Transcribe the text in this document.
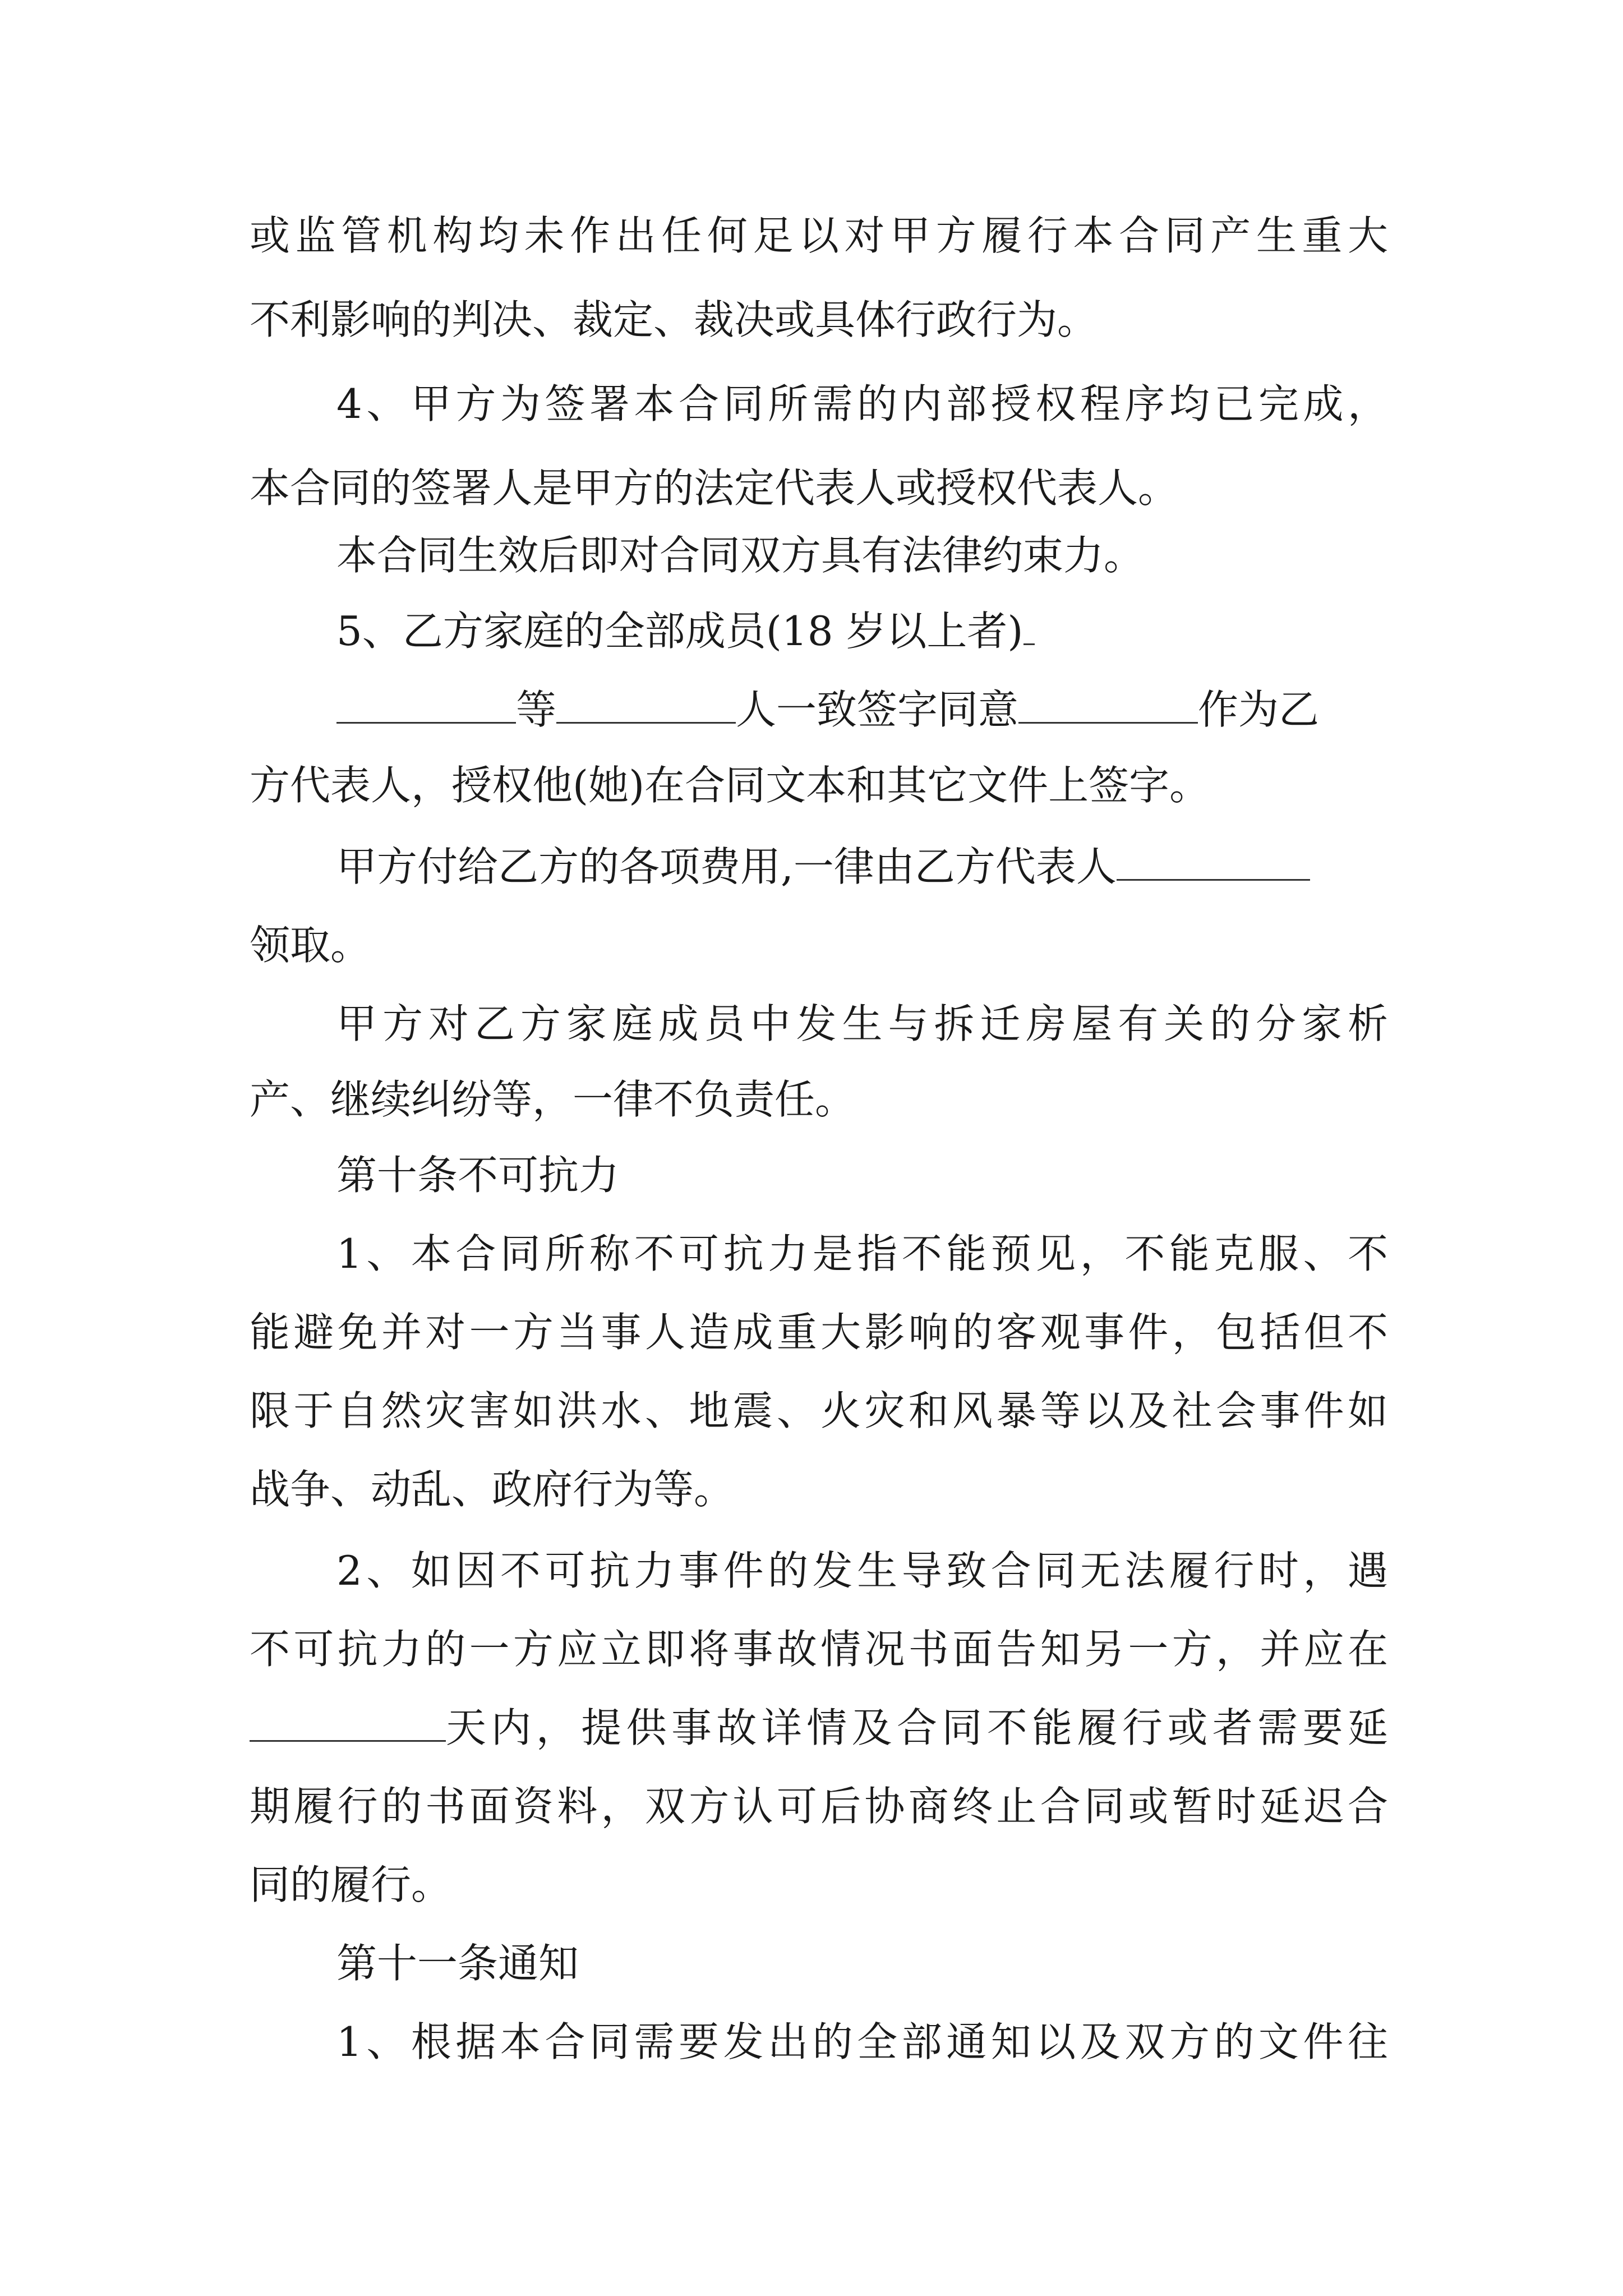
或监管机构均未作出任何足以对甲方履行本合同产生重大
不利影响的判决、裁定、裁决或具体行政行为。
4、甲方为签署本合同所需的内部授权程序均已完成，
本合同的签署人是甲方的法定代表人或授权代表人。
本合同生效后即对合同双方具有法律约束力。
5、乙方家庭的全部成员(18 岁以上者)
等	人一致签字同意	作为乙
方代表人，授权他(她)在合同文本和其它文件上签字。
甲方付给乙方的各项费用,一律由乙方代表人
领取。
甲方对乙方家庭成员中发生与拆迁房屋有关的分家析
产、继续纠纷等，一律不负责任。
第十条不可抗力
1、本合同所称不可抗力是指不能预见，不能克服、不
能避免并对一方当事人造成重大影响的客观事件，包括但不
限于自然灾害如洪水、地震、火灾和风暴等以及社会事件如
战争、动乱、政府行为等。
2、如因不可抗力事件的发生导致合同无法履行时，遇
不可抗力的一方应立即将事故情况书面告知另一方，并应在
天内，提供事故详情及合同不能履行或者需要延
期履行的书面资料，双方认可后协商终止合同或暂时延迟合
同的履行。
第十一条通知
1、根据本合同需要发出的全部通知以及双方的文件往
